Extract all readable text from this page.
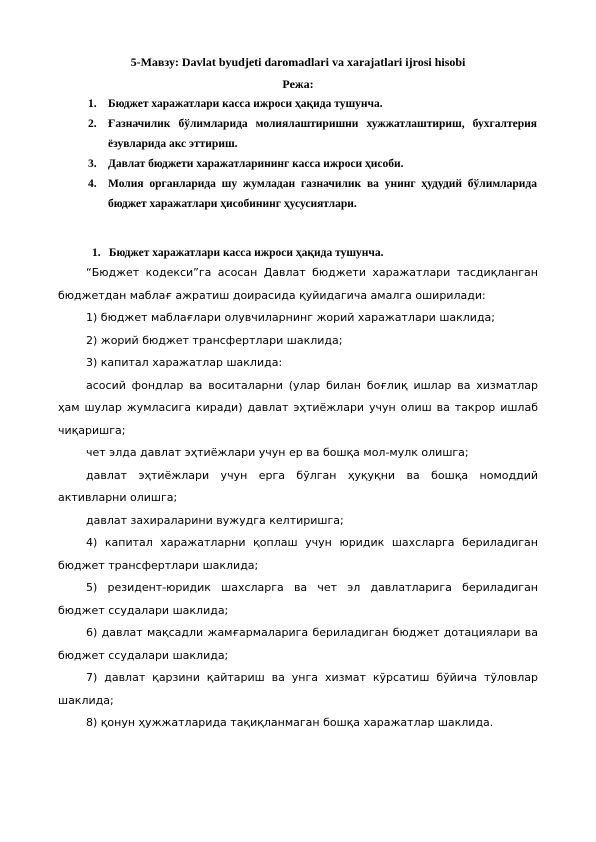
5-Мавзу: Davlat byudjeti daromadlari va xarajatlari ijrosi hisobi
Режа:
1. Бюджет харажатлари касса ижроси ҳақида тушунча.
2. Ғазначилик бўлимларида молиялаштиришни хужжатлаштириш, бухгалтерия ёзувларида акс эттириш.
3. Давлат бюджети харажатларининг касса ижроси ҳисоби.
4. Молия органларида шу жумладан газначилик ва унинг ҳудудий бўлимларида бюджет харажатлари ҳисобининг ҳусусиятлари.
1. Бюджет харажатлари касса ижроси ҳақида тушунча.

“Бюджет кодекси”га асосан Давлат бюджети харажатлари тасдиқланган бюджетдан маблағ ажратиш доирасида қуйидагича амалга оширилади:

1) бюджет маблағлари олувчиларнинг жорий харажатлари шаклида;

2) жорий бюджет трансфертлари шаклида;

3) капитал харажатлар шаклида:

асосий фондлар ва воситаларни (улар билан боғлиқ ишлар ва хизматлар ҳам шулар жумласига киради) давлат эҳтиёжлари учун олиш ва такрор ишлаб чиқаришга;

чет элда давлат эҳтиёжлари учун ер ва бошқа мол-мулк олишга;

давлат эҳтиёжлари учун ерга бўлган ҳуқуқни ва бошқа номоддий активларни олишга;

давлат захираларини вужудга келтиришга;

4) капитал харажатларни қоплаш учун юридик шахсларга бериладиган бюджет трансфертлари шаклида;

5) резидент-юридик шахсларга ва чет эл давлатларига бериладиган бюджет ссудалари шаклида;

6) давлат мақсадли жамғармаларига бериладиган бюджет дотациялари ва бюджет ссудалари шаклида;

7) давлат қарзини қайтариш ва унга хизмат кўрсатиш бўйича тўловлар шаклида;

8) қонун ҳужжатларида тақиқланмаган бошқа харажатлар шаклида.
